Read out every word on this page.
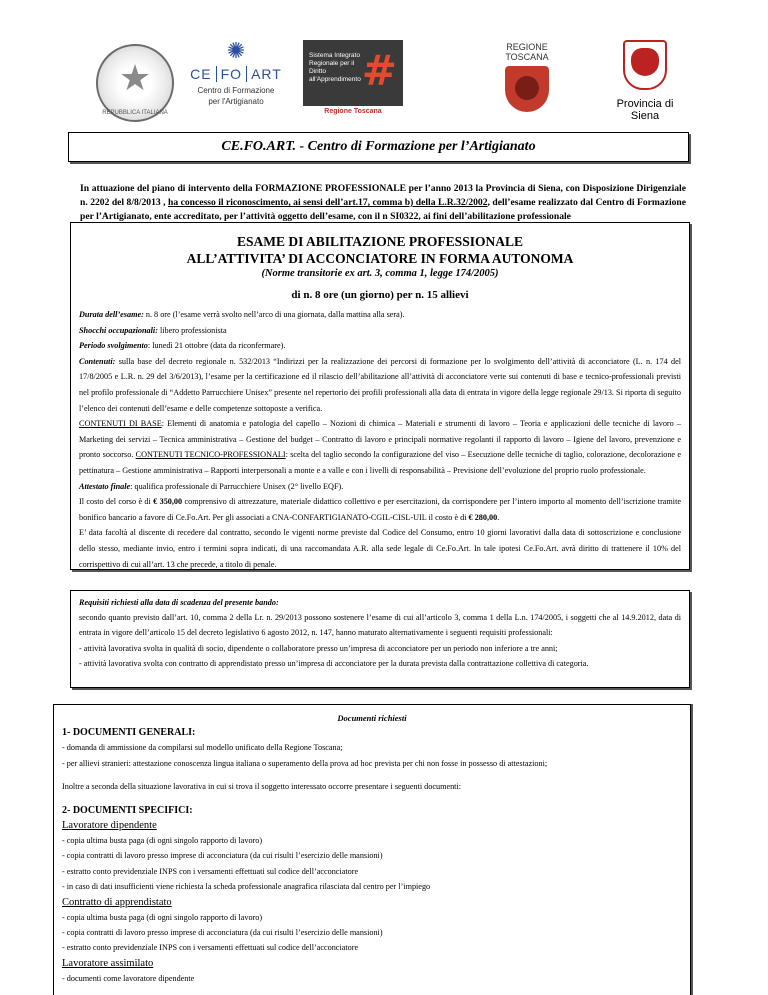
★
REPUBBLICA ITALIANA
✺
CE FO ART
Centro di Formazione
per l'Artigianato
Sistema Integrato Regionale per il Diritto all'Apprendimento #
Regione Toscana
REGIONE TOSCANA
Provincia di Siena
CE.FO.ART. - Centro di Formazione per l’Artigianato
In attuazione del piano di intervento della FORMAZIONE PROFESSIONALE per l’anno 2013 la Provincia di Siena, con Disposizione Dirigenziale n. 2202 del 8/8/2013 , ha concesso il riconoscimento, ai sensi dell’art.17, comma b) della L.R.32/2002, dell’esame realizzato dal Centro di Formazione per l’Artigianato, ente accreditato, per l’attività oggetto dell’esame, con il n SI0322, ai fini dell’abilitazione professionale
ESAME DI ABILITAZIONE PROFESSIONALE
ALL’ATTIVITA’ DI ACCONCIATORE IN FORMA AUTONOMA
(Norme transitorie ex art. 3, comma 1, legge 174/2005)
di n. 8 ore (un giorno) per n. 15 allievi
Durata dell’esame: n. 8 ore (l’esame verrà svolto nell’arco di una giornata, dalla mattina alla sera).
Shocchi occupazionali: libero professionista
Periodo svolgimento: lunedì 21 ottobre (data da riconfermare).
Contenuti: sulla base del decreto regionale n. 532/2013 “Indirizzi per la realizzazione dei percorsi di formazione per lo svolgimento dell’attività di acconciatore (L. n. 174 del 17/8/2005 e L.R. n. 29 del 3/6/2013), l’esame per la certificazione ed il rilascio dell’abilitazione all’attività di acconciatore verte sui contenuti di base e tecnico-professionali previsti nel profilo professionale di “Addetto Parrucchiere Unisex” presente nel repertorio dei profili professionali alla data di entrata in vigore della legge regionale 29/13. Si riporta di seguito l’elenco dei contenuti dell’esame e delle competenze sottoposte a verifica.
CONTENUTI DI BASE: Elementi di anatomia e patologia del capello – Nozioni di chimica – Materiali e strumenti di lavoro – Teoria e applicazioni delle tecniche di lavoro – Marketing dei servizi – Tecnica amministrativa – Gestione del budget – Contratto di lavoro e principali normative regolanti il rapporto di lavoro – Igiene del lavoro, prevenzione e pronto soccorso. CONTENUTI TECNICO-PROFESSIONALI: scelta del taglio secondo la configurazione del viso – Esecuzione delle tecniche di taglio, colorazione, decolorazione e pettinatura – Gestione amministrativa – Rapporti interpersonali a monte e a valle e con i livelli di responsabilità – Previsione dell’evoluzione del proprio ruolo professionale.
Attestato finale: qualifica professionale di Parrucchiere Unisex (2° livello EQF).
Il costo del corso è di € 350,00 comprensivo di attrezzature, materiale didattico collettivo e per esercitazioni, da corrispondere per l’intero importo al momento dell’iscrizione tramite bonifico bancario a favore di Ce.Fo.Art. Per gli associati a CNA-CONFARTIGIANATO-CGIL-CISL-UIL il costo è di € 280,00.
E’ data facoltà al discente di recedere dal contratto, secondo le vigenti norme previste dal Codice del Consumo, entro 10 giorni lavorativi dalla data di sottoscrizione e conclusione dello stesso, mediante invio, entro i termini sopra indicati, di una raccomandata A.R. alla sede legale di Ce.Fo.Art. In tale ipotesi Ce.Fo.Art. avrà diritto di trattenere il 10% del corrispettivo di cui all’art. 13 che precede, a titolo di penale.
Requisiti richiesti alla data di scadenza del presente bando:
secondo quanto previsto dall’art. 10, comma 2 della Lr. n. 29/2013 possono sostenere l’esame di cui all’articolo 3, comma 1 della L.n. 174/2005, i soggetti che al 14.9.2012, data di entrata in vigore dell’articolo 15 del decreto legislativo 6 agosto 2012, n. 147, hanno maturato alternativamente i seguenti requisiti professionali:
- attività lavorativa svolta in qualità di socio, dipendente o collaboratore presso un’impresa di acconciatore per un periodo non inferiore a tre anni;
- attività lavorativa svolta con contratto di apprendistato presso un’impresa di acconciatore per la durata prevista dalla contrattazione collettiva di categoria.
Documenti richiesti
1- DOCUMENTI GENERALI:
- domanda di ammissione da compilarsi sul modello unificato della Regione Toscana;
- per allievi stranieri: attestazione conoscenza lingua italiana o superamento della prova ad hoc prevista per chi non fosse in possesso di attestazioni;
Inoltre a seconda della situazione lavorativa in cui si trova il soggetto interessato occorre presentare i seguenti documenti:
2- DOCUMENTI SPECIFICI:
Lavoratore dipendente
- copia ultima busta paga (di ogni singolo rapporto di lavoro)
- copia contratti di lavoro presso imprese di acconciatura (da cui risulti l’esercizio delle mansioni)
- estratto conto previdenziale INPS con i versamenti effettuati sul codice dell’acconciatore
- in caso di dati insufficienti viene richiesta la scheda professionale anagrafica rilasciata dal centro per l’impiego
Contratto di apprendistato
- copia ultima busta paga (di ogni singolo rapporto di lavoro)
- copia contratti di lavoro presso imprese di acconciatura (da cui risulti l’esercizio delle mansioni)
- estratto conto previdenziale INPS con i versamenti effettuati sul codice dell’acconciatore
Lavoratore assimilato
- documenti come lavoratore dipendente
